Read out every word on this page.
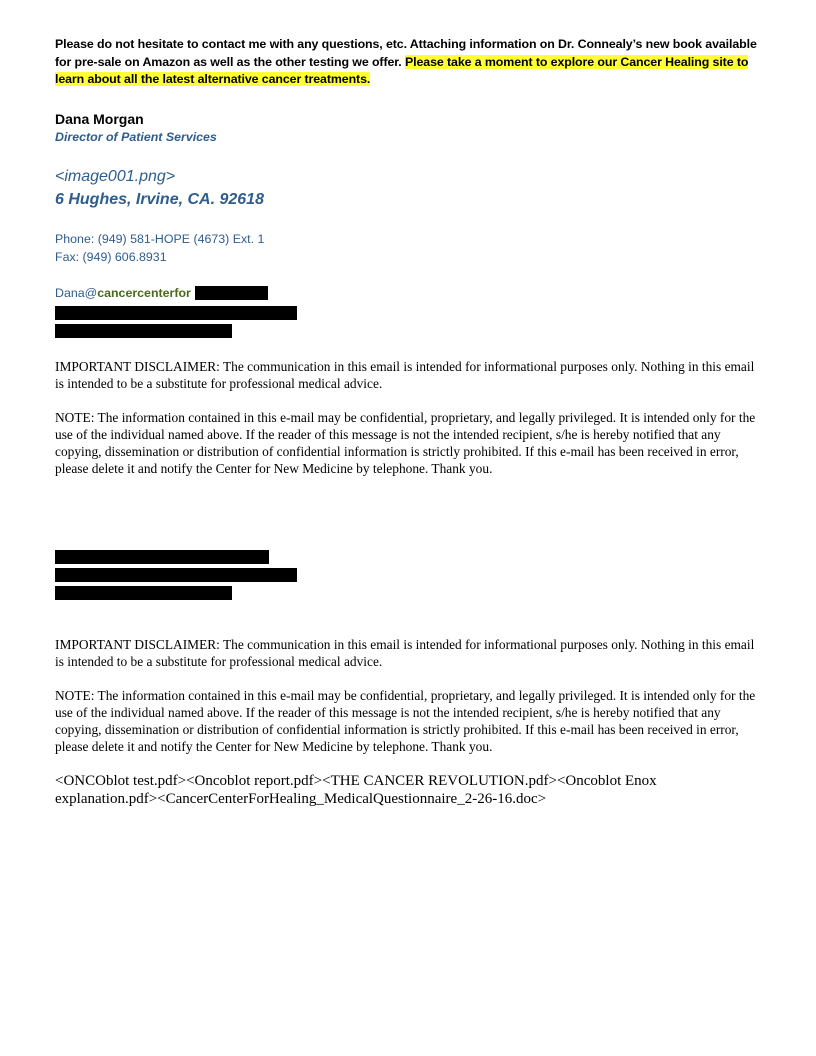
Please do not hesitate to contact me with any questions, etc. Attaching information on Dr. Connealy’s new book available for pre-sale on Amazon as well as the other testing we offer. Please take a moment to explore our Cancer Healing site to learn about all the latest alternative cancer treatments.

Dana Morgan
Director of Patient Services
<image001.png>
6 Hughes, Irvine, CA. 92618
Phone: (949) 581-HOPE (4673) Ext. 1
Fax: (949) 606.8931
Dana@ cancercenterfor

IMPORTANT DISCLAIMER: The communication in this email is intended for informational purposes only. Nothing in this email is intended to be a substitute for professional medical advice.

NOTE: The information contained in this e-mail may be confidential, proprietary, and legally privileged. It is intended only for the use of the individual named above. If the reader of this message is not the intended recipient, s/he is hereby notified that any copying, dissemination or distribution of confidential information is strictly prohibited. If this e-mail has been received in error, please delete it and notify the Center for New Medicine by telephone. Thank you.

IMPORTANT DISCLAIMER: The communication in this email is intended for informational purposes only. Nothing in this email is intended to be a substitute for professional medical advice.

NOTE: The information contained in this e-mail may be confidential, proprietary, and legally privileged. It is intended only for the use of the individual named above. If the reader of this message is not the intended recipient, s/he is hereby notified that any copying, dissemination or distribution of confidential information is strictly prohibited. If this e-mail has been received in error, please delete it and notify the Center for New Medicine by telephone. Thank you.

<ONCOblot test.pdf><Oncoblot report.pdf><THE CANCER REVOLUTION.pdf><Oncoblot Enox explanation.pdf><CancerCenterForHealing_MedicalQuestionnaire_2-26-16.doc>
